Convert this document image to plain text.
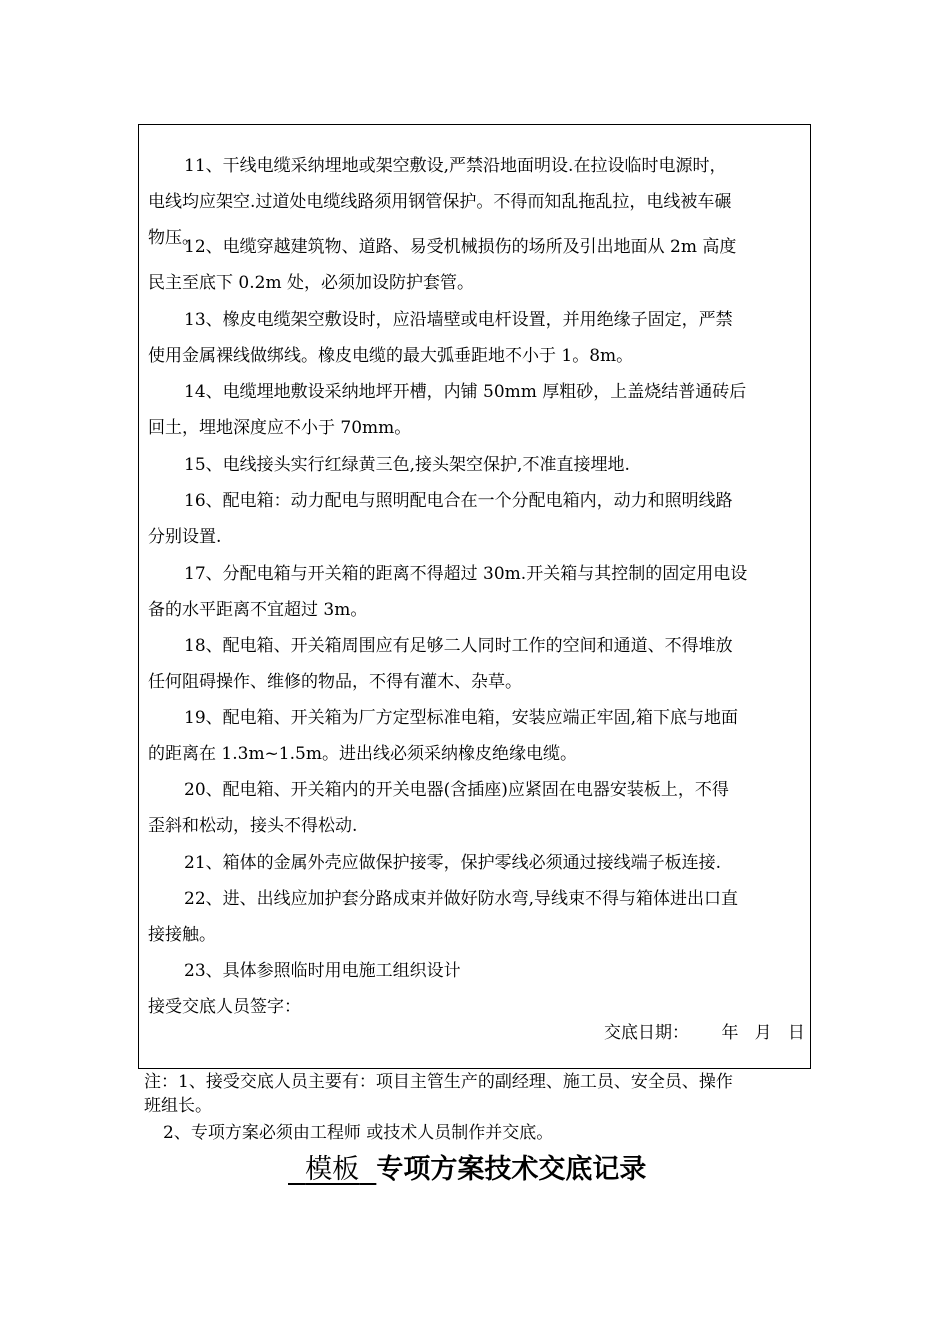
11、干线电缆采纳埋地或架空敷设,严禁沿地面明设.在拉设临时电源时，
电线均应架空.过道处电缆线路须用钢管保护。不得而知乱拖乱拉，电线被车碾
物压。
12、电缆穿越建筑物、道路、易受机械损伤的场所及引出地面从 2m 高度
民主至底下 0.2m 处，必须加设防护套管。
13、橡皮电缆架空敷设时，应沿墙壁或电杆设置，并用绝缘子固定，严禁
使用金属裸线做绑线。橡皮电缆的最大弧垂距地不小于 1。8m。
14、电缆埋地敷设采纳地坪开槽，内铺 50mm 厚粗砂，上盖烧结普通砖后
回土，埋地深度应不小于 70mm。
15、电线接头实行红绿黄三色,接头架空保护,不准直接埋地.
16、配电箱：动力配电与照明配电合在一个分配电箱内，动力和照明线路
分别设置.
17、分配电箱与开关箱的距离不得超过 30m.开关箱与其控制的固定用电设
备的水平距离不宜超过 3m。
18、配电箱、开关箱周围应有足够二人同时工作的空间和通道、不得堆放
任何阻碍操作、维修的物品，不得有灌木、杂草。
19、配电箱、开关箱为厂方定型标准电箱，安装应端正牢固,箱下底与地面
的距离在 1.3m~1.5m。进出线必须采纳橡皮绝缘电缆。
20、配电箱、开关箱内的开关电器(含插座)应紧固在电器安装板上，不得
歪斜和松动，接头不得松动.
21、箱体的金属外壳应做保护接零，保护零线必须通过接线端子板连接.
22、进、出线应加护套分路成束并做好防水弯,导线束不得与箱体进出口直
接接触。
23、具体参照临时用电施工组织设计
接受交底人员签字：
交底日期： 年 月 日
注：1、接受交底人员主要有：项目主管生产的副经理、施工员、安全员、操作
班组长。
2、专项方案必须由工程师 或技术人员制作并交底。
模板 专项方案技术交底记录
